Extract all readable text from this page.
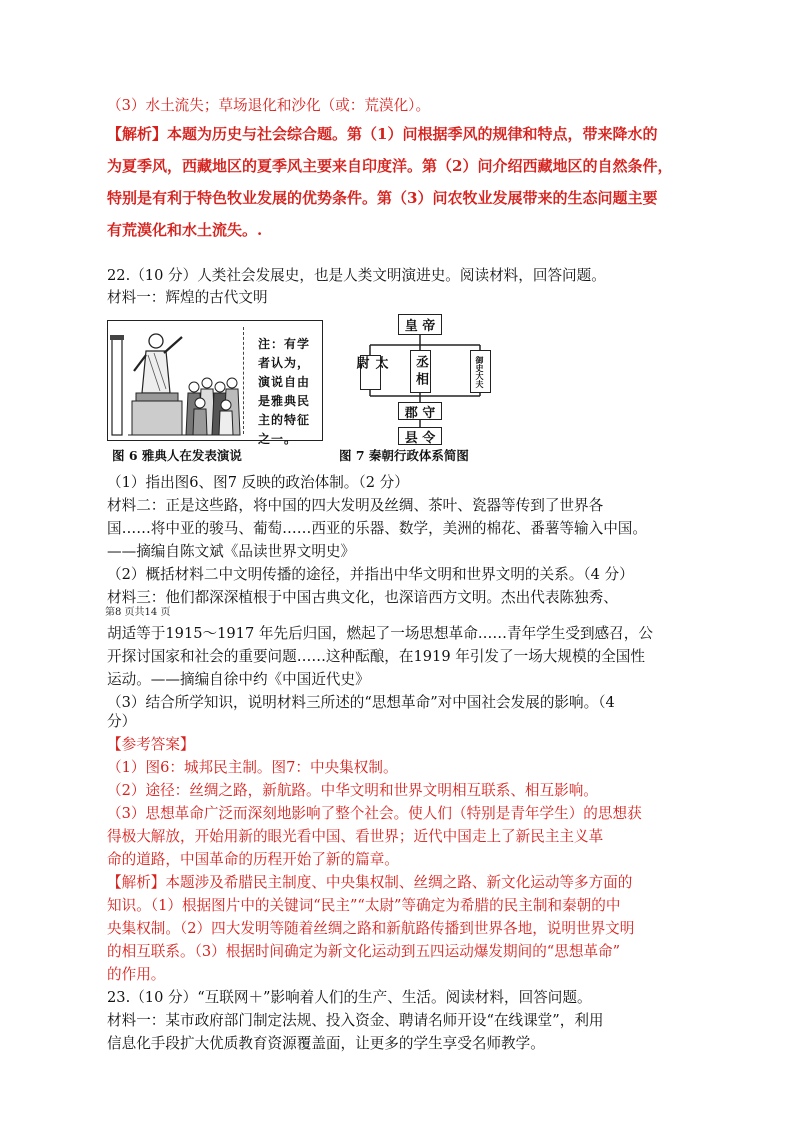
（3）水土流失；草场退化和沙化（或：荒漠化）。
【解析】本题为历史与社会综合题。第（1）问根据季风的规律和特点，带来降水的
为夏季风，西藏地区的夏季风主要来自印度洋。第（2）问介绍西藏地区的自然条件，
特别是有利于特色牧业发展的优势条件。第（3）问农牧业发展带来的生态问题主要
有荒漠化和水土流失。.
22.（10 分）人类社会发展史，也是人类文明演进史。阅读材料，回答问题。
材料一：辉煌的古代文明
注：有学者认为，演说自由是雅典民主的特征之一。
图 6 雅典人在发表演说
皇 帝
太尉	丞相	御史大夫
郡 守
县 令
图 7 秦朝行政体系简图
（1）指出图6、图7 反映的政治体制。（2 分）
材料二：正是这些路，将中国的四大发明及丝绸、茶叶、瓷器等传到了世界各
国……将中亚的骏马、葡萄……西亚的乐器、数学，美洲的棉花、番薯等输入中国。
——摘编自陈文斌《品读世界文明史》
（2）概括材料二中文明传播的途径，并指出中华文明和世界文明的关系。（4 分）
材料三：他们都深深植根于中国古典文化，也深谙西方文明。杰出代表陈独秀、
第8 页共14 页
胡适等于1915～1917 年先后归国，燃起了一场思想革命……青年学生受到感召，公
开探讨国家和社会的重要问题……这种酝酿，在1919 年引发了一场大规模的全国性
运动。——摘编自徐中约《中国近代史》
（3）结合所学知识，说明材料三所述的“思想革命”对中国社会发展的影响。（4
分）
【参考答案】
（1）图6：城邦民主制。图7：中央集权制。
（2）途径：丝绸之路，新航路。中华文明和世界文明相互联系、相互影响。
（3）思想革命广泛而深刻地影响了整个社会。使人们（特别是青年学生）的思想获
得极大解放，开始用新的眼光看中国、看世界；近代中国走上了新民主主义革
命的道路，中国革命的历程开始了新的篇章。
【解析】本题涉及希腊民主制度、中央集权制、丝绸之路、新文化运动等多方面的
知识。（1）根据图片中的关键词“民主”“太尉”等确定为希腊的民主制和秦朝的中
央集权制。（2）四大发明等随着丝绸之路和新航路传播到世界各地，说明世界文明
的相互联系。（3）根据时间确定为新文化运动到五四运动爆发期间的“思想革命”
的作用。
23.（10 分）“互联网＋”影响着人们的生产、生活。阅读材料，回答问题。
材料一：某市政府部门制定法规、投入资金、聘请名师开设“在线课堂”，利用
信息化手段扩大优质教育资源覆盖面，让更多的学生享受名师教学。
